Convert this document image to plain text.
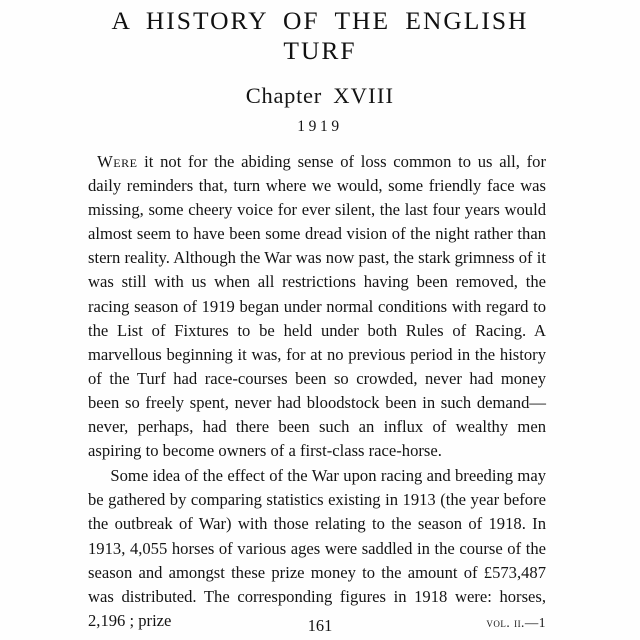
A HISTORY OF THE ENGLISH
TURF
Chapter XVIII
1919

Were it not for the abiding sense of loss common to us all, for daily reminders that, turn where we would, some friendly face was missing, some cheery voice for ever silent, the last four years would almost seem to have been some dread vision of the night rather than stern reality. Although the War was now past, the stark grimness of it was still with us when all restrictions having been removed, the racing season of 1919 began under normal conditions with regard to the List of Fixtures to be held under both Rules of Racing. A marvellous beginning it was, for at no previous period in the history of the Turf had race-courses been so crowded, never had money been so freely spent, never had bloodstock been in such demand—never, perhaps, had there been such an influx of wealthy men aspiring to become owners of a first-class race-horse.

Some idea of the effect of the War upon racing and breeding may be gathered by comparing statistics existing in 1913 (the year before the outbreak of War) with those relating to the season of 1918. In 1913, 4,055 horses of various ages were saddled in the course of the season and amongst these prize money to the amount of £573,487 was distributed. The corresponding figures in 1918 were: horses, 2,196 ; prize	161	vol. ii.—1
